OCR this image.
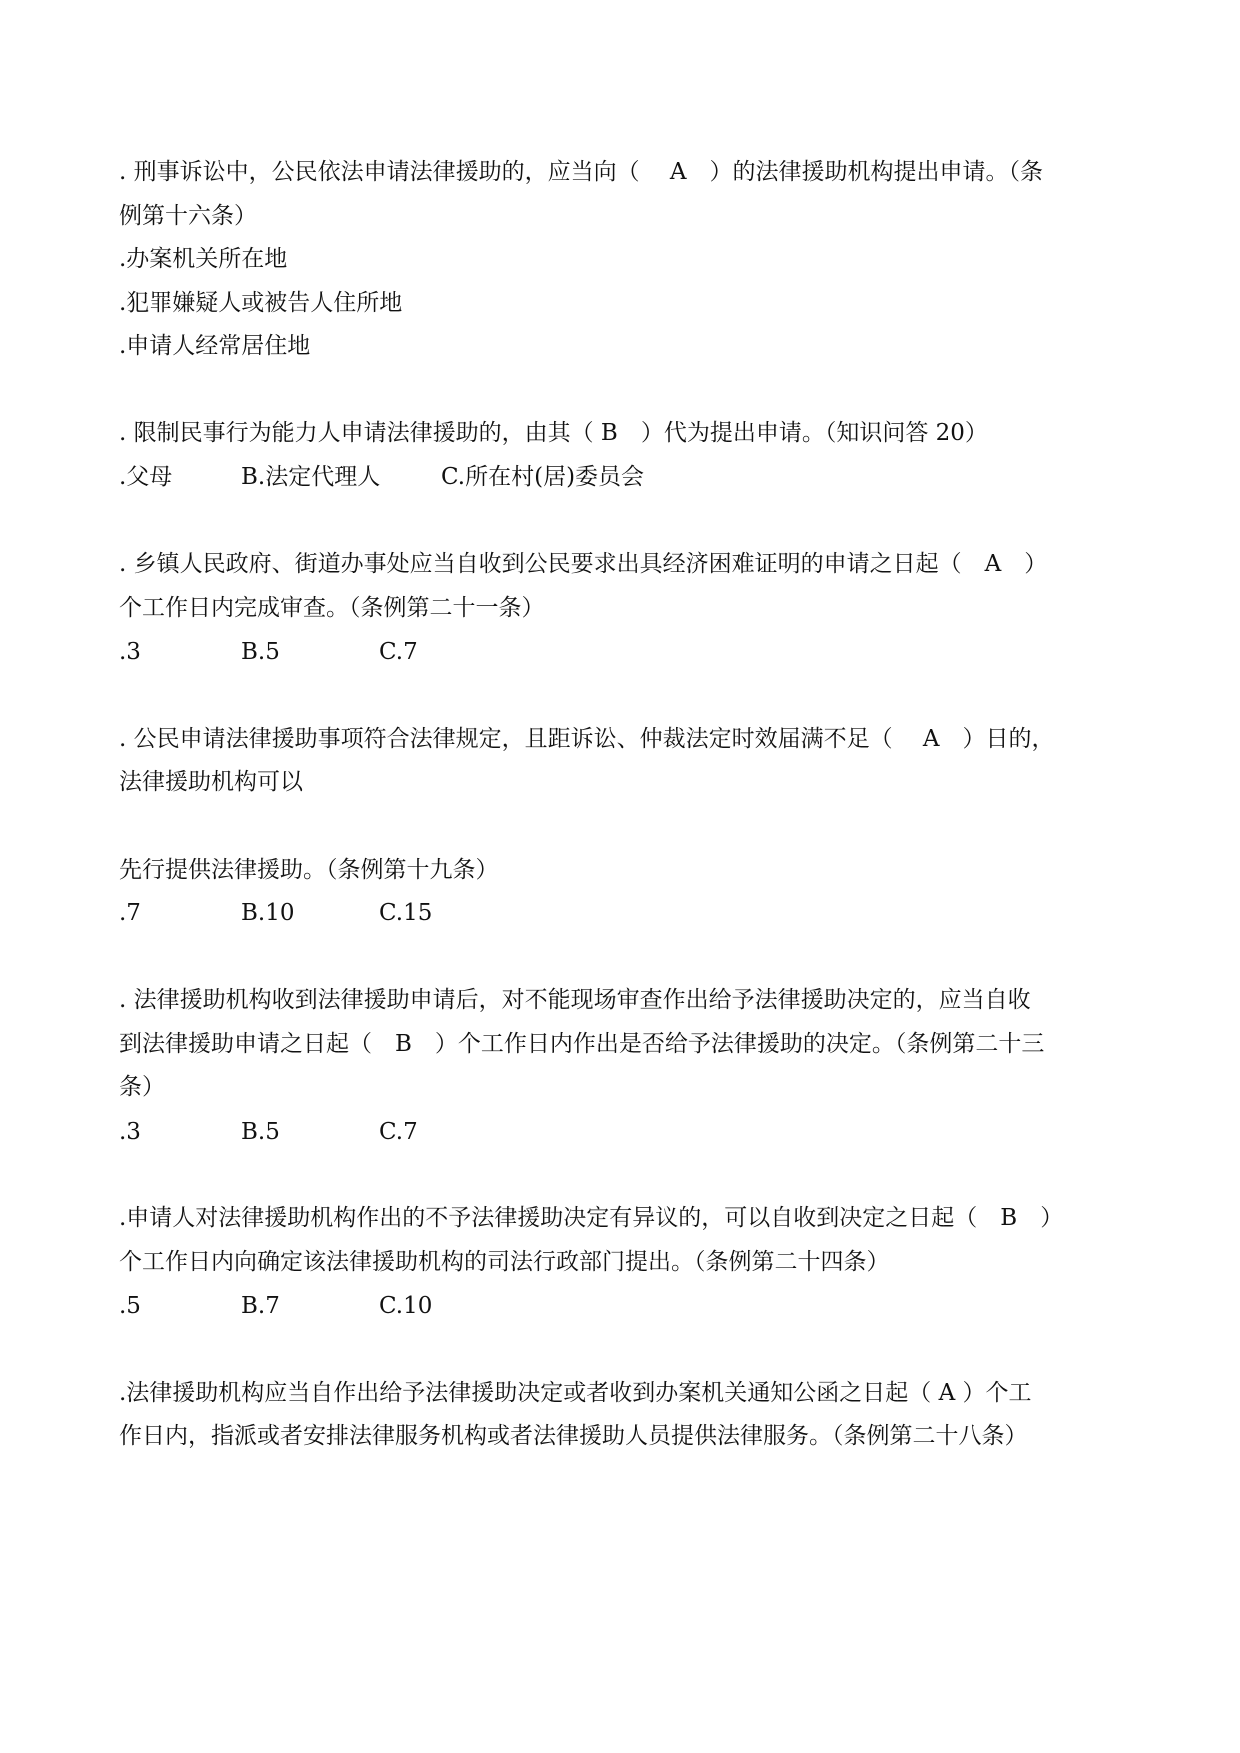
. 刑事诉讼中，公民依法申请法律援助的，应当向（　 A　）的法律援助机构提出申请。（条

例第十六条）

.办案机关所在地

.犯罪嫌疑人或被告人住所地

.申请人经常居住地

. 限制民事行为能力人申请法律援助的，由其（ B　）代为提出申请。（知识问答 20）

.父母

	B.法定代理人

	C.所在村(居)委员会

. 乡镇人民政府、街道办事处应当自收到公民要求出具经济困难证明的申请之日起（　A　）

个工作日内完成审查。（条例第二十一条）

.3

	B.5

	C.7

. 公民申请法律援助事项符合法律规定，且距诉讼、仲裁法定时效届满不足（　 A　）日的，

法律援助机构可以

先行提供法律援助。（条例第十九条）

.7

	B.10

	C.15

. 法律援助机构收到法律援助申请后，对不能现场审查作出给予法律援助决定的，应当自收

到法律援助申请之日起（　B　）个工作日内作出是否给予法律援助的决定。（条例第二十三

条）

.3

	B.5

	C.7

.申请人对法律援助机构作出的不予法律援助决定有异议的，可以自收到决定之日起（　B　）

个工作日内向确定该法律援助机构的司法行政部门提出。（条例第二十四条）

.5

	B.7

	C.10

.法律援助机构应当自作出给予法律援助决定或者收到办案机关通知公函之日起（ A ）个工

作日内，指派或者安排法律服务机构或者法律援助人员提供法律服务。（条例第二十八条）
